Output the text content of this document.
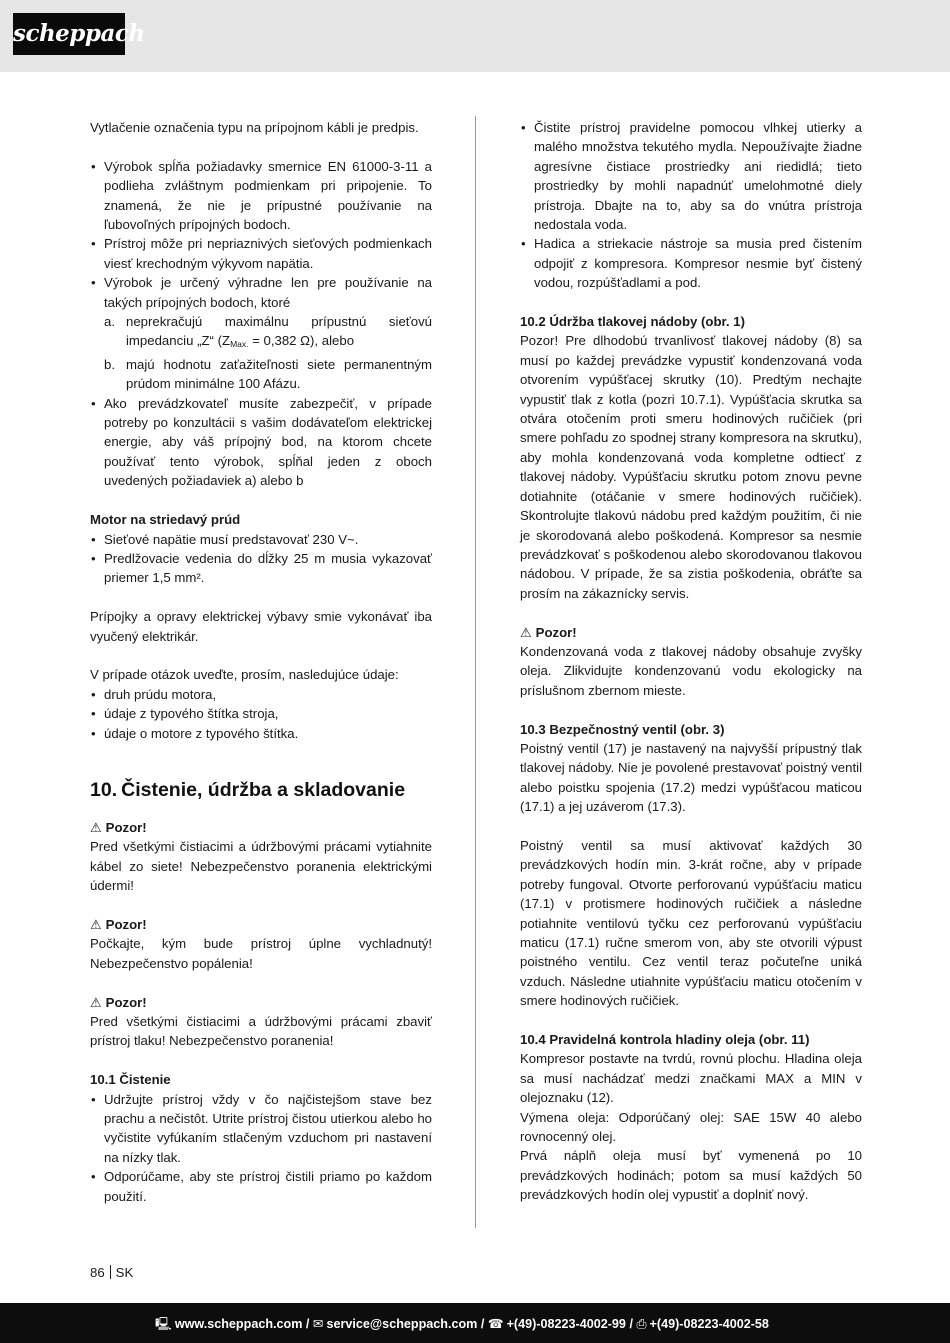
scheppach

Vytlačenie označenia typu na prípojnom kábli je predpis.

• Výrobok spĺňa požiadavky smernice EN 61000-3-11 a podlieha zvláštnym podmienkam pri pripojenie. To znamená, že nie je prípustné používanie na ľubovoľných prípojných bodoch.
• Prístroj môže pri nepriaznivých sieťových podmienkach viesť krechodným výkyvom napätia.
• Výrobok je určený výhradne len pre používanie na takých prípojných bodoch, ktoré
a. neprekračujú maximálnu prípustnú sieťovú impedanciu „Z“ ($Z_{Max.} = 0,382$ Ω), alebo
b. majú hodnotu zaťažiteľnosti siete permanentným prúdom minimálne 100 Afázu.
• Ako prevádzkovateľ musíte zabezpečiť, v prípade potreby po konzultácii s vašim dodávateľom elektrickej energie, aby váš prípojný bod, na ktorom chcete používať tento výrobok, spĺňal jeden z oboch uvedených požiadaviek a) alebo b

Motor na striedavý prúd

• Sieťové napätie musí predstavovať 230 V~.
• Predlžovacie vedenia do dĺžky 25 m musia vykazovať priemer 1,5 mm².

Prípojky a opravy elektrickej výbavy smie vykonávať iba vyučený elektrikár.

V prípade otázok uveďte, prosím, nasledujúce údaje:

• druh prúdu motora,
• údaje z typového štítka stroja,
• údaje o motore z typového štítka.
10. Čistenie, údržba a skladovanie

⚠ Pozor!

Pred všetkými čistiacimi a údržbovými prácami vytiahnite kábel zo siete! Nebezpečenstvo poranenia elektrickými údermi!

⚠ Pozor!

Počkajte, kým bude prístroj úplne vychladnutý! Nebezpečenstvo popálenia!

⚠ Pozor!

Pred všetkými čistiacimi a údržbovými prácami zbaviť prístroj tlaku! Nebezpečenstvo poranenia!

10.1 Čistenie

• Udržujte prístroj vždy v čo najčistejšom stave bez prachu a nečistôt. Utrite prístroj čistou utierkou alebo ho vyčistite vyfúkaním stlačeným vzduchom pri nastavení na nízky tlak.
• Odporúčame, aby ste prístroj čistili priamo po každom použití.
• Čistite prístroj pravidelne pomocou vlhkej utierky a malého množstva tekutého mydla. Nepoužívajte žiadne agresívne čistiace prostriedky ani riedidlá; tieto prostriedky by mohli napadnúť umelohmotné diely prístroja. Dbajte na to, aby sa do vnútra prístroja nedostala voda.
• Hadica a striekacie nástroje sa musia pred čistením odpojiť z kompresora. Kompresor nesmie byť čistený vodou, rozpúšťadlami a pod.

10.2 Údržba tlakovej nádoby (obr. 1)

Pozor! Pre dlhodobú trvanlivosť tlakovej nádoby (8) sa musí po každej prevádzke vypustiť kondenzovaná voda otvorením vypúšťacej skrutky (10). Predtým nechajte vypustiť tlak z kotla (pozri 10.7.1). Vypúšťacia skrutka sa otvára otočením proti smeru hodinových ručičiek (pri smere pohľadu zo spodnej strany kompresora na skrutku), aby mohla kondenzovaná voda kompletne odtiecť z tlakovej nádoby. Vypúšťaciu skrutku potom znovu pevne dotiahnite (otáčanie v smere hodinových ručičiek). Skontrolujte tlakovú nádobu pred každým použitím, či nie je skorodovaná alebo poškodená. Kompresor sa nesmie prevádzkovať s poškodenou alebo skorodovanou tlakovou nádobou. V prípade, že sa zistia poškodenia, obráťte sa prosím na zákaznícky servis.

⚠ Pozor!

Kondenzovaná voda z tlakovej nádoby obsahuje zvyšky oleja. Zlikvidujte kondenzovanú vodu ekologicky na príslušnom zbernom mieste.

10.3 Bezpečnostný ventil (obr. 3)

Poistný ventil (17) je nastavený na najvyšší prípustný tlak tlakovej nádoby. Nie je povolené prestavovať poistný ventil alebo poistku spojenia (17.2) medzi vypúšťacou maticou (17.1) a jej uzáverom (17.3).

Poistný ventil sa musí aktivovať každých 30 prevádzkových hodín min. 3-krát ročne, aby v prípade potreby fungoval. Otvorte perforovanú vypúšťaciu maticu (17.1) v protismere hodinových ručičiek a následne potiahnite ventilovú tyčku cez perforovanú vypúšťaciu maticu (17.1) ručne smerom von, aby ste otvorili výpust poistného ventilu. Cez ventil teraz počuteľne uniká vzduch. Následne utiahnite vypúšťaciu maticu otočením v smere hodinových ručičiek.

10.4 Pravidelná kontrola hladiny oleja (obr. 11)

Kompresor postavte na tvrdú, rovnú plochu. Hladina oleja sa musí nachádzať medzi značkami MAX a MIN v olejoznaku (12).

Výmena oleja: Odporúčaný olej: SAE 15W 40 alebo rovnocenný olej.

Prvá náplň oleja musí byť vymenená po 10 prevádzkových hodinách; potom sa musí každých 50 prevádzkových hodín olej vypustiť a doplniť nový.

86 SK
🖳 www.scheppach.com / ✉ service@scheppach.com / ☎ +(49)-08223-4002-99 / ⎙ +(49)-08223-4002-58
